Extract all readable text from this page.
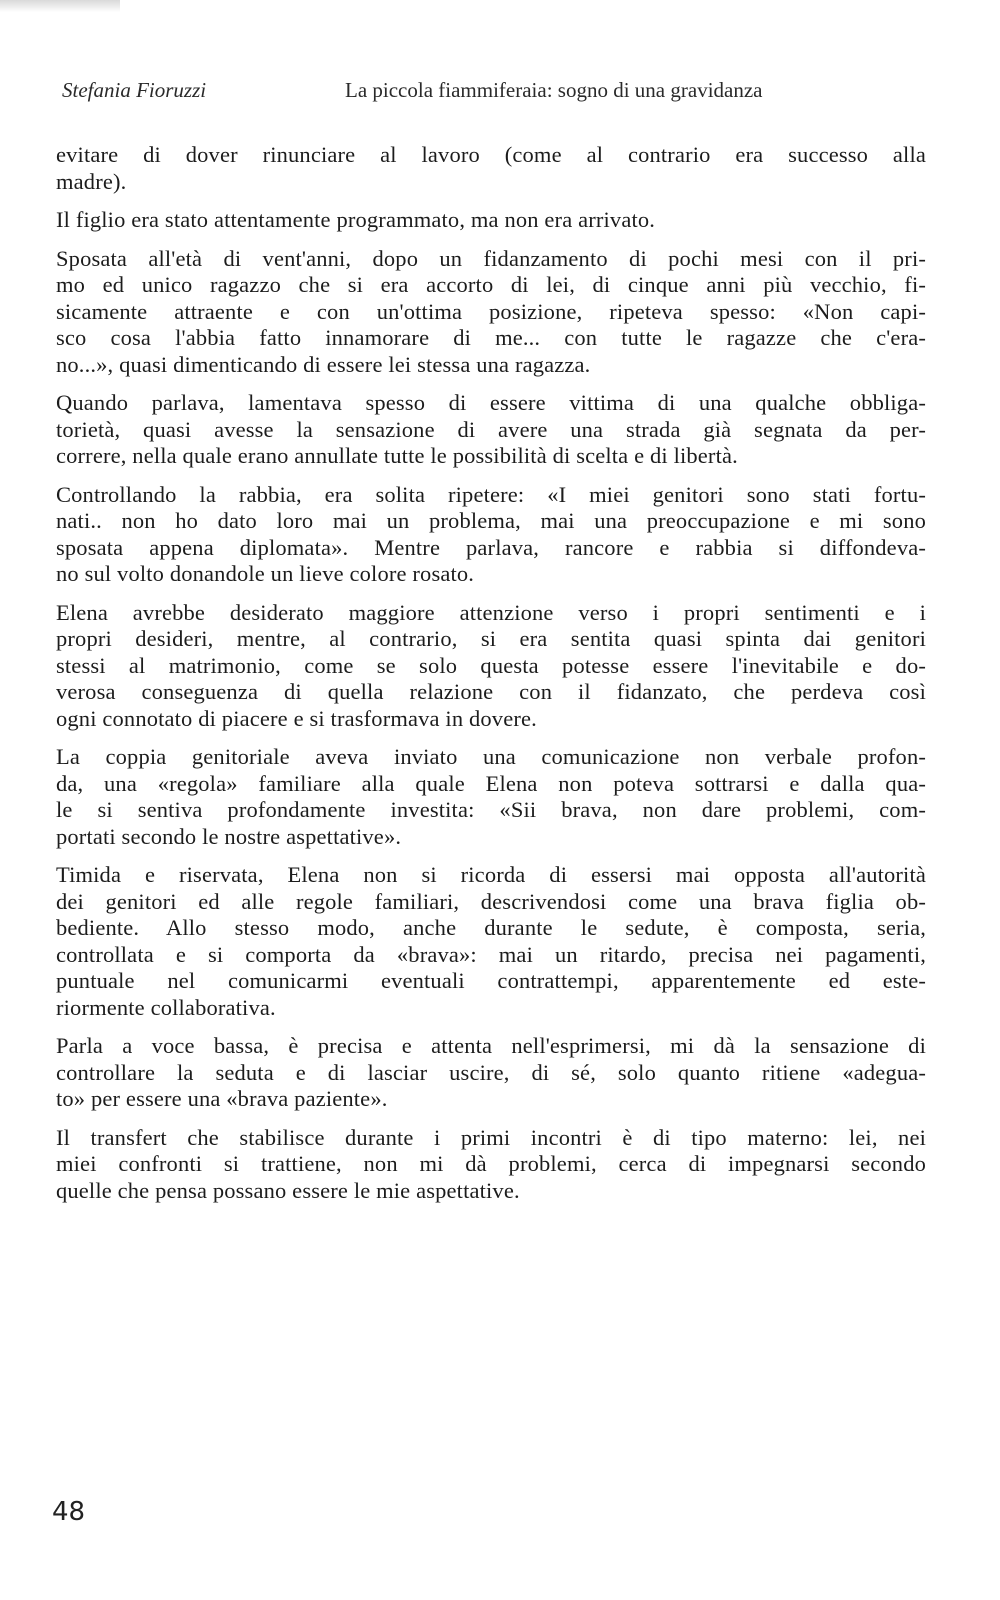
Stefania Fioruzzi	La piccola fiammiferaia: sogno di una gravidanza

evitare di dover rinunciare al lavoro (come al contrario era successo alla
madre).

Il figlio era stato attentamente programmato, ma non era arrivato.

Sposata all'età di vent'anni, dopo un fidanzamento di pochi mesi con il pri-
mo ed unico ragazzo che si era accorto di lei, di cinque anni più vecchio, fi-
sicamente attraente e con un'ottima posizione, ripeteva spesso: «Non capi-
sco cosa l'abbia fatto innamorare di me... con tutte le ragazze che c'era-
no...», quasi dimenticando di essere lei stessa una ragazza.

Quando parlava, lamentava spesso di essere vittima di una qualche obbliga-
torietà, quasi avesse la sensazione di avere una strada già segnata da per-
correre, nella quale erano annullate tutte le possibilità di scelta e di libertà.

Controllando la rabbia, era solita ripetere: «I miei genitori sono stati fortu-
nati.. non ho dato loro mai un problema, mai una preoccupazione e mi sono
sposata appena diplomata». Mentre parlava, rancore e rabbia si diffondeva-
no sul volto donandole un lieve colore rosato.

Elena avrebbe desiderato maggiore attenzione verso i propri sentimenti e i
propri desideri, mentre, al contrario, si era sentita quasi spinta dai genitori
stessi al matrimonio, come se solo questa potesse essere l'inevitabile e do-
verosa conseguenza di quella relazione con il fidanzato, che perdeva così
ogni connotato di piacere e si trasformava in dovere.

La coppia genitoriale aveva inviato una comunicazione non verbale profon-
da, una «regola» familiare alla quale Elena non poteva sottrarsi e dalla qua-
le si sentiva profondamente investita: «Sii brava, non dare problemi, com-
portati secondo le nostre aspettative».

Timida e riservata, Elena non si ricorda di essersi mai opposta all'autorità
dei genitori ed alle regole familiari, descrivendosi come una brava figlia ob-
bediente. Allo stesso modo, anche durante le sedute, è composta, seria,
controllata e si comporta da «brava»: mai un ritardo, precisa nei pagamenti,
puntuale nel comunicarmi eventuali contrattempi, apparentemente ed este-
riormente collaborativa.

Parla a voce bassa, è precisa e attenta nell'esprimersi, mi dà la sensazione di
controllare la seduta e di lasciar uscire, di sé, solo quanto ritiene «adegua-
to» per essere una «brava paziente».

Il transfert che stabilisce durante i primi incontri è di tipo materno: lei, nei
miei confronti si trattiene, non mi dà problemi, cerca di impegnarsi secondo
quelle che pensa possano essere le mie aspettative.

48
